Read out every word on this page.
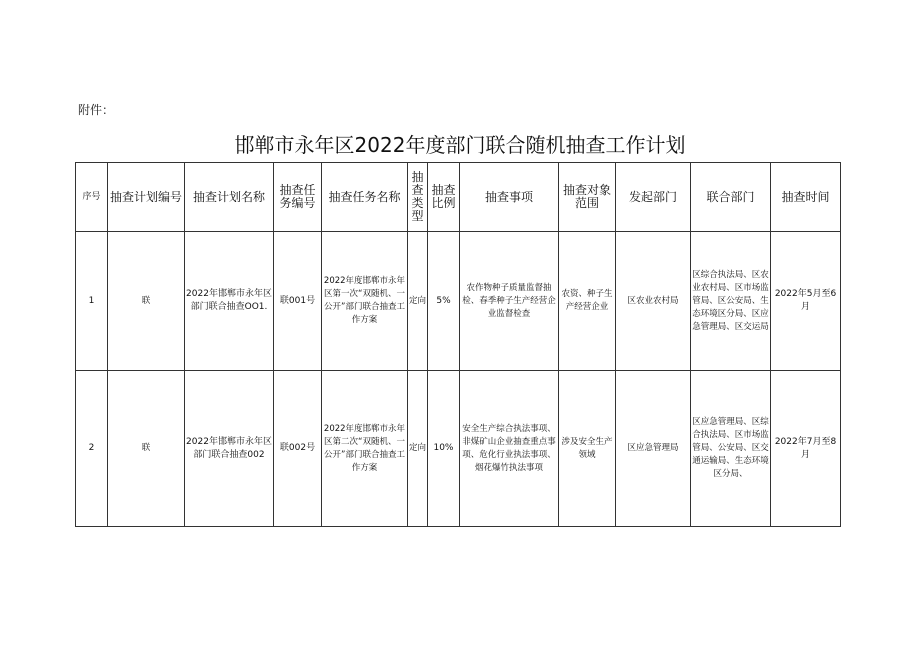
附件：
邯郸市永年区2022年度部门联合随机抽查工作计划
序号	抽查计划编号	抽查计划名称	抽查任务编号	抽查任务名称	抽查类型	抽查比例	抽查事项	抽查对象范围	发起部门	联合部门	抽查时间
1	联	2022年邯郸市永年区部门联合抽查OO1.	联001号	2022年度邯郸市永年区第一次“双随机、一公开”部门联合抽查工作方案	定向	5%	农作物种子质量监督抽检、春季种子生产经营企业监督检查	农资、种子生产经营企业	区农业农村局	区综合执法局、区农业农村局、区市场监管局、区公安局、生态环境区分局、区应急管理局、区交运局	2022年5月至6月
2	联	2022年邯郸市永年区部门联合抽查002	联002号	2022年度邯郸市永年区第二次“双随机、一公开”部门联合抽查工作方案	定向	10%	安全生产综合执法事项、非煤矿山企业抽查重点事项、危化行业执法事项、烟花爆竹执法事项	涉及安全生产领域	区应急管理局	区应急管理局、区综合执法局、区市场监管局、公安局、区交通运输局、生态环境区分局、	2022年7月至8月
